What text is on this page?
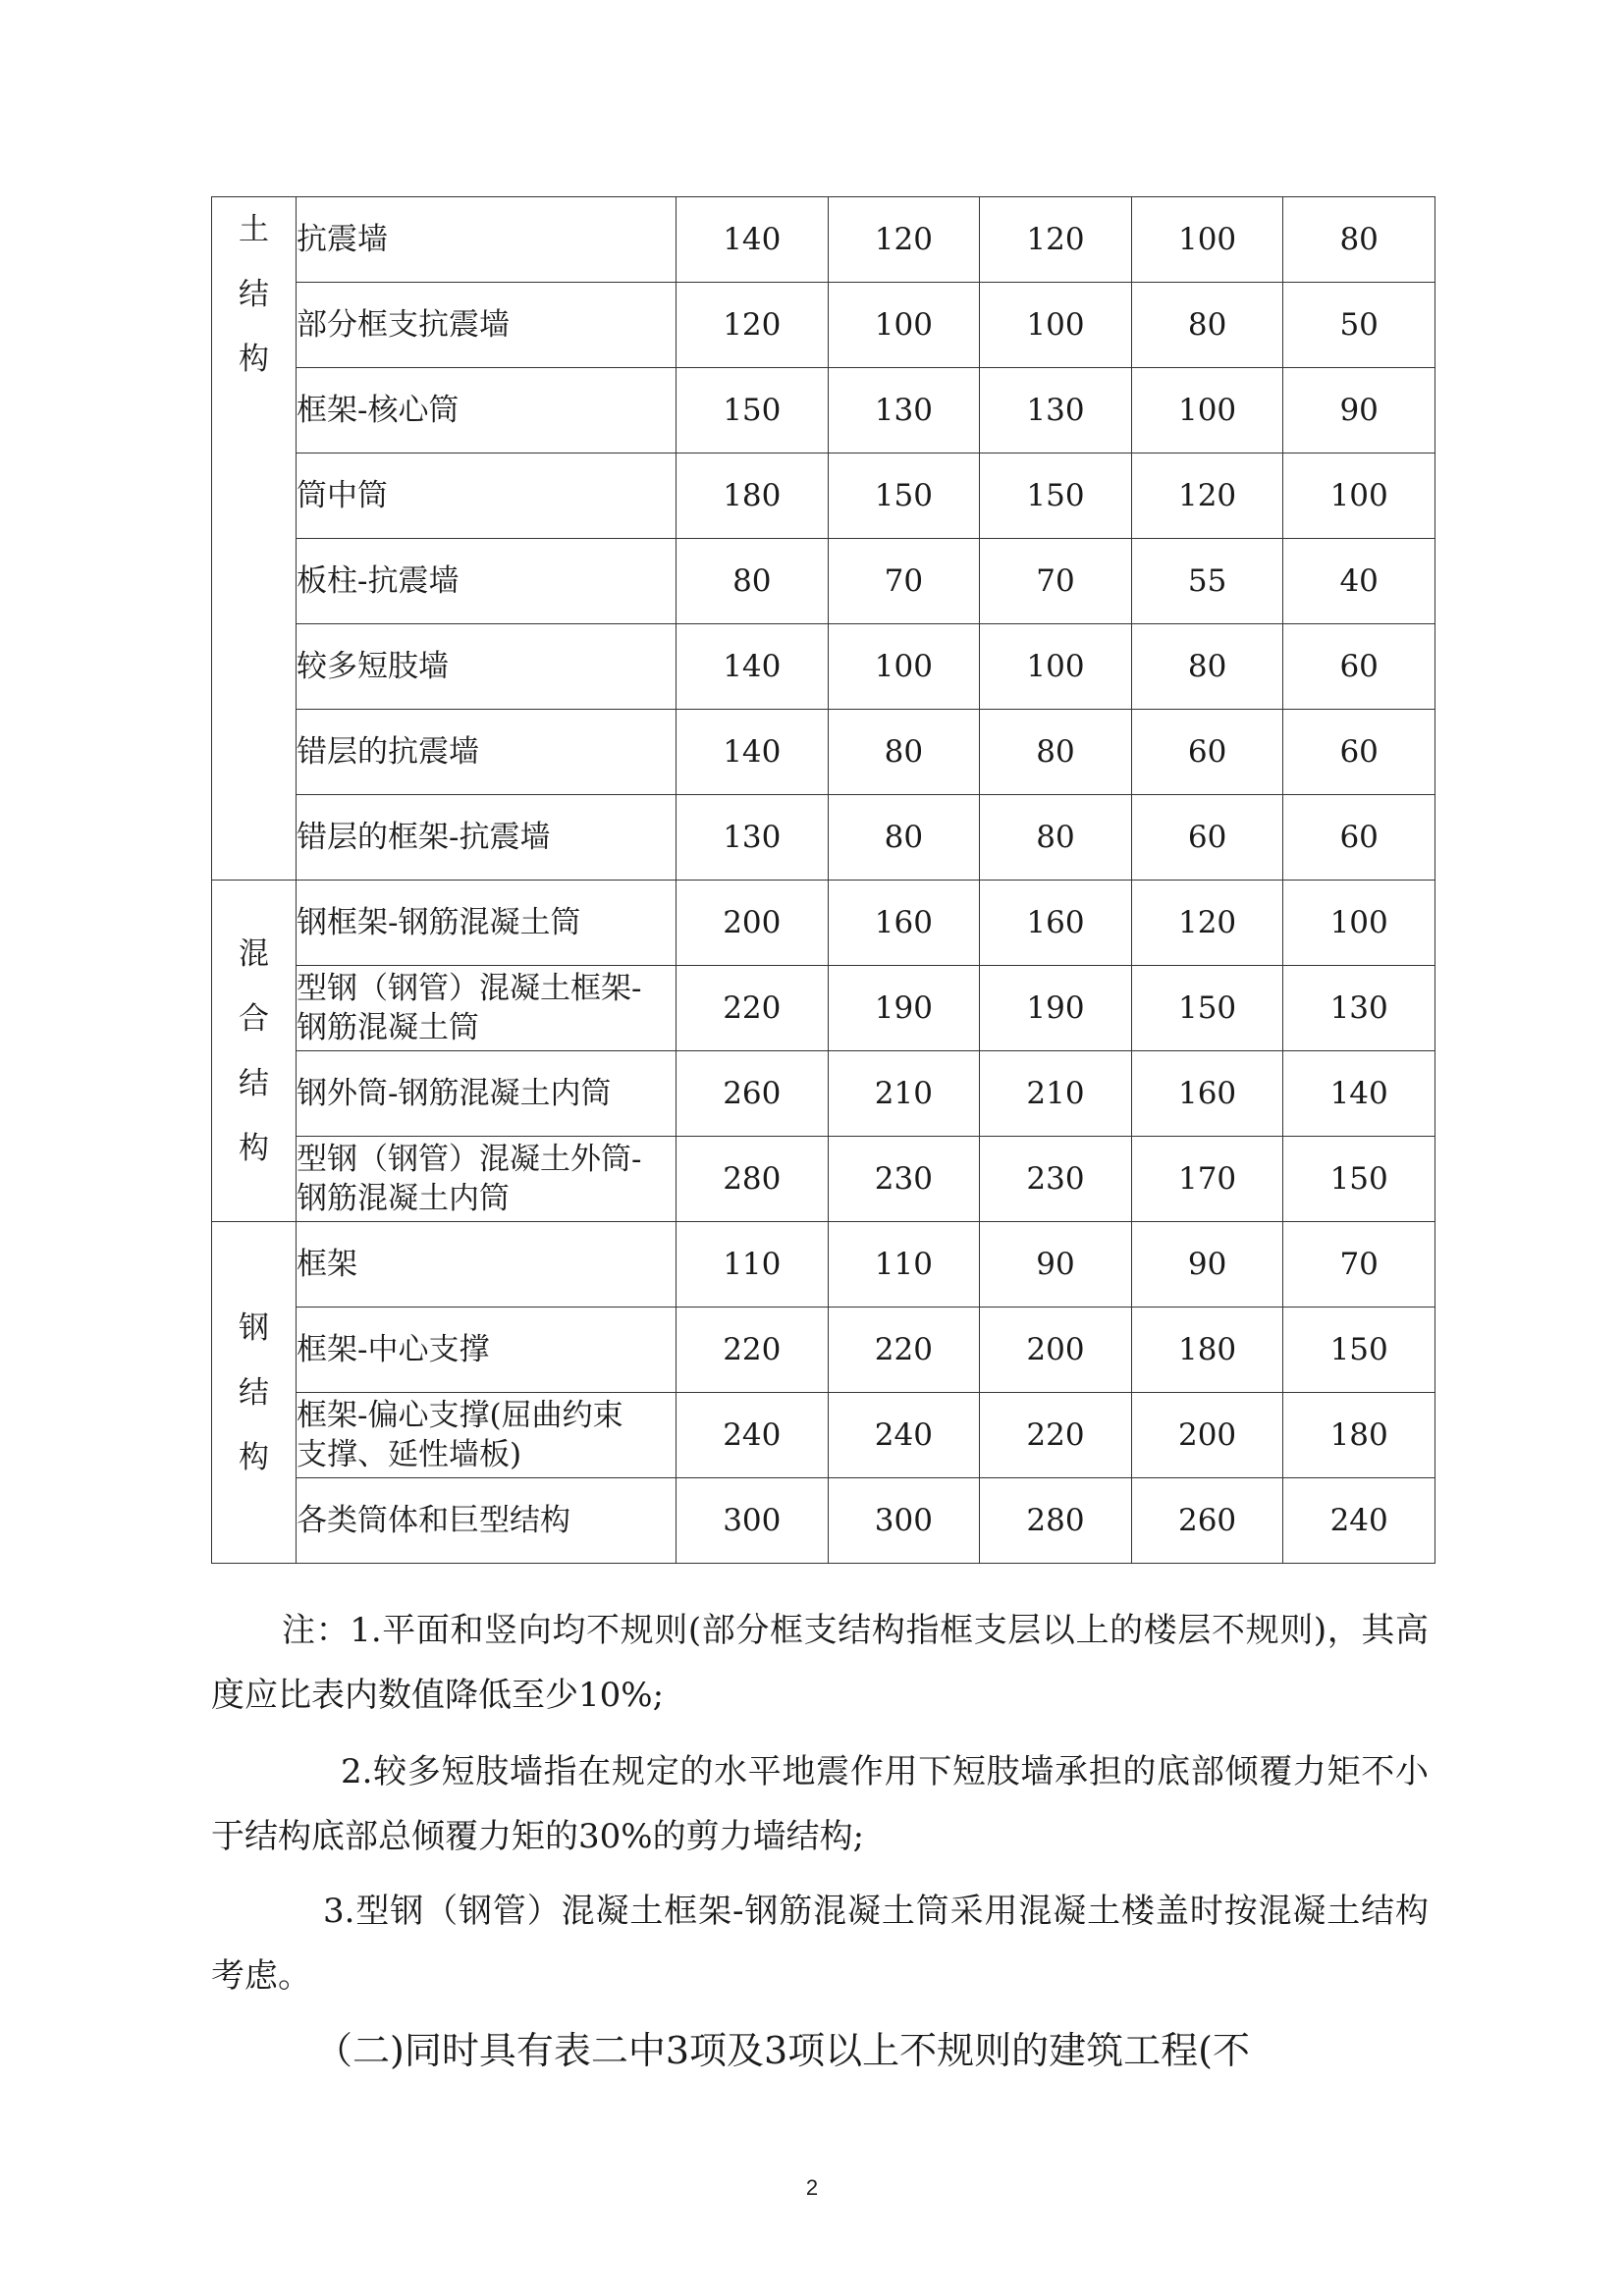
土结构	抗震墙	140	120	120	100	80

	部分框支抗震墙	120	100	100	80	50

	框架-核心筒	150	130	130	100	90

	筒中筒	180	150	150	120	100

	板柱-抗震墙	80	70	70	55	40

	较多短肢墙	140	100	100	80	60

	错层的抗震墙	140	80	80	60	60

	错层的框架-抗震墙	130	80	80	60	60

混合结构	钢框架-钢筋混凝土筒	200	160	160	120	100

	型钢（钢管）混凝土框架-
钢筋混凝土筒	220	190	190	150	130

	钢外筒-钢筋混凝土内筒	260	210	210	160	140

	型钢（钢管）混凝土外筒-
钢筋混凝土内筒	280	230	230	170	150

钢结构	框架	110	110	90	90	70

	框架-中心支撑	220	220	200	180	150

	框架-偏心支撑(屈曲约束
支撑、延性墙板)	240	240	220	200	180

	各类筒体和巨型结构	300	300	280	260	240

注：1.平面和竖向均不规则(部分框支结构指框支层以上的楼层不规则)，其高度应比表内数值降低至少10%;

2.较多短肢墙指在规定的水平地震作用下短肢墙承担的底部倾覆力矩不小于结构底部总倾覆力矩的30%的剪力墙结构;

3.型钢（钢管）混凝土框架-钢筋混凝土筒采用混凝土楼盖时按混凝土结构考虑。

（二)同时具有表二中3项及3项以上不规则的建筑工程(不

2
